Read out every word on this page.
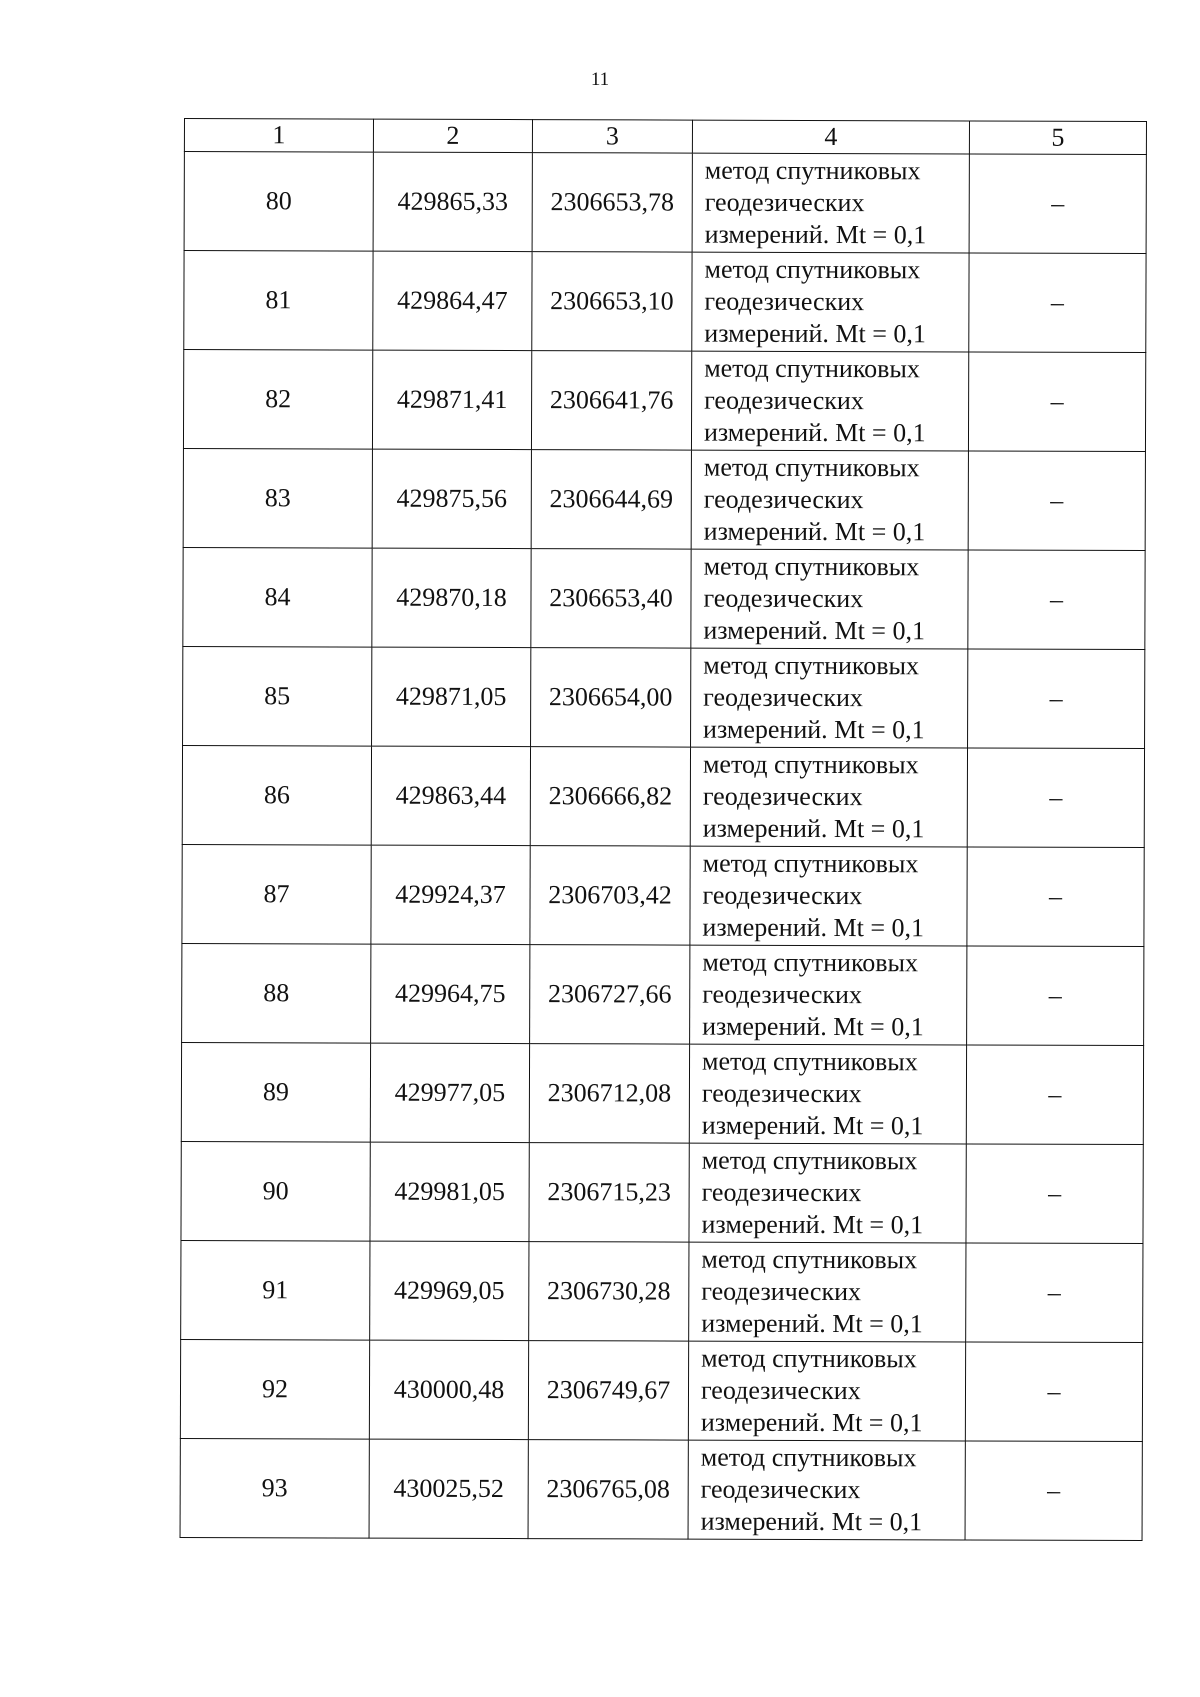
11
1	2	3	4	5
80	429865,33	2306653,78	метод спутниковых
геодезических
измерений. Mt = 0,1	–
81	429864,47	2306653,10	метод спутниковых
геодезических
измерений. Mt = 0,1	–
82	429871,41	2306641,76	метод спутниковых
геодезических
измерений. Mt = 0,1	–
83	429875,56	2306644,69	метод спутниковых
геодезических
измерений. Mt = 0,1	–
84	429870,18	2306653,40	метод спутниковых
геодезических
измерений. Mt = 0,1	–
85	429871,05	2306654,00	метод спутниковых
геодезических
измерений. Mt = 0,1	–
86	429863,44	2306666,82	метод спутниковых
геодезических
измерений. Mt = 0,1	–
87	429924,37	2306703,42	метод спутниковых
геодезических
измерений. Mt = 0,1	–
88	429964,75	2306727,66	метод спутниковых
геодезических
измерений. Mt = 0,1	–
89	429977,05	2306712,08	метод спутниковых
геодезических
измерений. Mt = 0,1	–
90	429981,05	2306715,23	метод спутниковых
геодезических
измерений. Mt = 0,1	–
91	429969,05	2306730,28	метод спутниковых
геодезических
измерений. Mt = 0,1	–
92	430000,48	2306749,67	метод спутниковых
геодезических
измерений. Mt = 0,1	–
93	430025,52	2306765,08	метод спутниковых
геодезических
измерений. Mt = 0,1	–
